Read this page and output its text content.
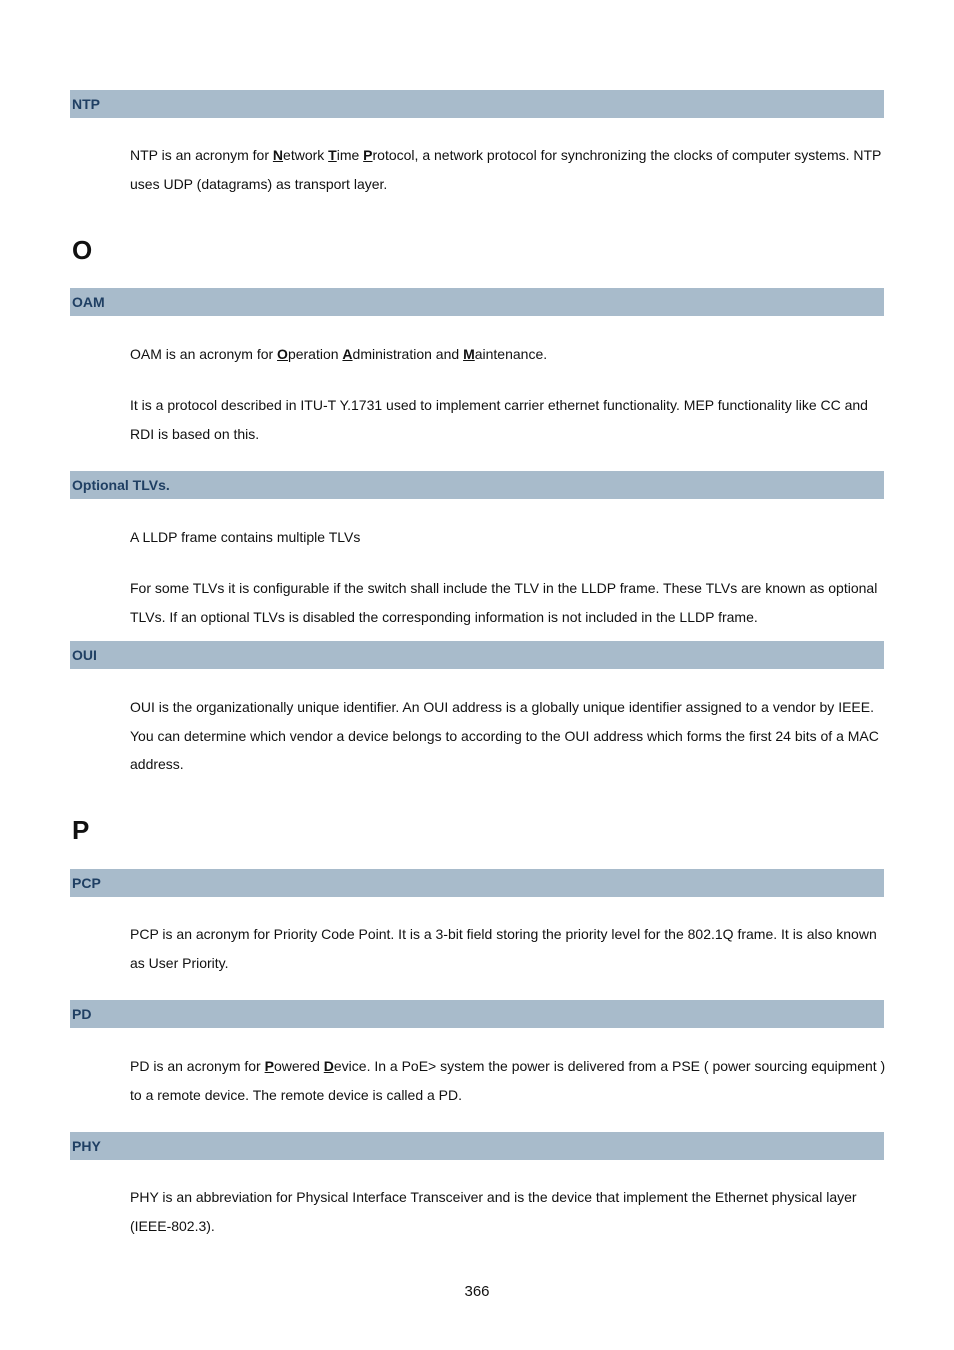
NTP

NTP is an acronym for Network Time Protocol, a network protocol for synchronizing the clocks of computer systems. NTP uses UDP (datagrams) as transport layer.

O
OAM

OAM is an acronym for Operation Administration and Maintenance.

It is a protocol described in ITU-T Y.1731 used to implement carrier ethernet functionality. MEP functionality like CC and RDI is based on this.

Optional TLVs.

A LLDP frame contains multiple TLVs

For some TLVs it is configurable if the switch shall include the TLV in the LLDP frame. These TLVs are known as optional TLVs. If an optional TLVs is disabled the corresponding information is not included in the LLDP frame.

OUI

OUI is the organizationally unique identifier. An OUI address is a globally unique identifier assigned to a vendor by IEEE. You can determine which vendor a device belongs to according to the OUI address which forms the first 24 bits of a MAC address.

P
PCP

PCP is an acronym for Priority Code Point. It is a 3-bit field storing the priority level for the 802.1Q frame. It is also known as User Priority.

PD

PD is an acronym for Powered Device. In a PoE> system the power is delivered from a PSE ( power sourcing equipment ) to a remote device. The remote device is called a PD.

PHY

PHY is an abbreviation for Physical Interface Transceiver and is the device that implement the Ethernet physical layer (IEEE-802.3).

366
